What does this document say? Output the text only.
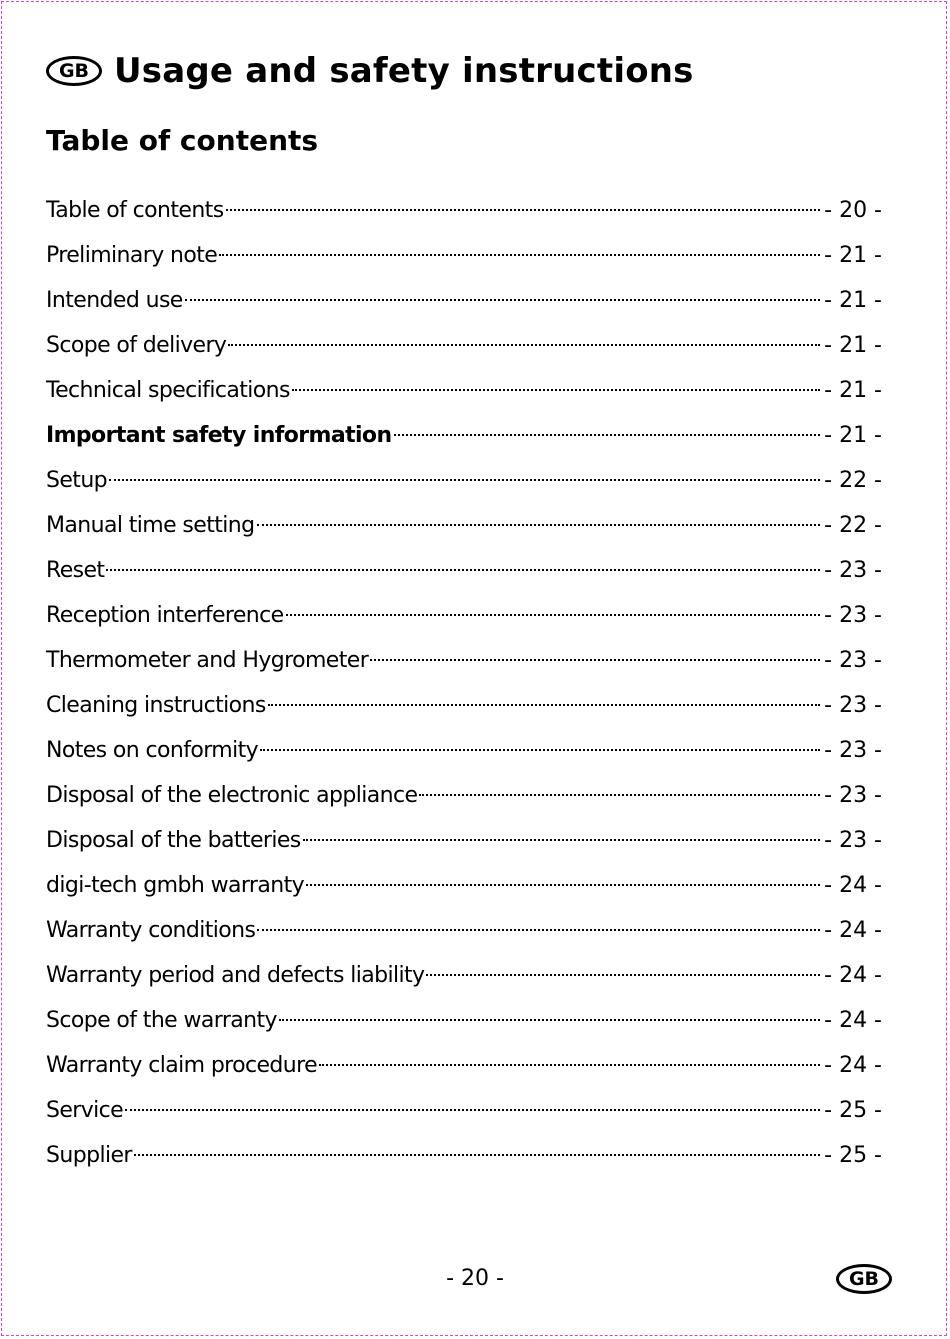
GB Usage and safety instructions
Table of contents
Table of contents	- 20 -
Preliminary note	- 21 -
Intended use	- 21 -
Scope of delivery	- 21 -
Technical specifications	- 21 -
Important safety information	- 21 -
Setup	- 22 -
Manual time setting	- 22 -
Reset	- 23 -
Reception interference	- 23 -
Thermometer and Hygrometer	- 23 -
Cleaning instructions	- 23 -
Notes on conformity	- 23 -
Disposal of the electronic appliance	- 23 -
Disposal of the batteries	- 23 -
digi-tech gmbh warranty	- 24 -
Warranty conditions	- 24 -
Warranty period and defects liability	- 24 -
Scope of the warranty	- 24 -
Warranty claim procedure	- 24 -
Service	- 25 -
Supplier	- 25 -
- 20 -	GB
